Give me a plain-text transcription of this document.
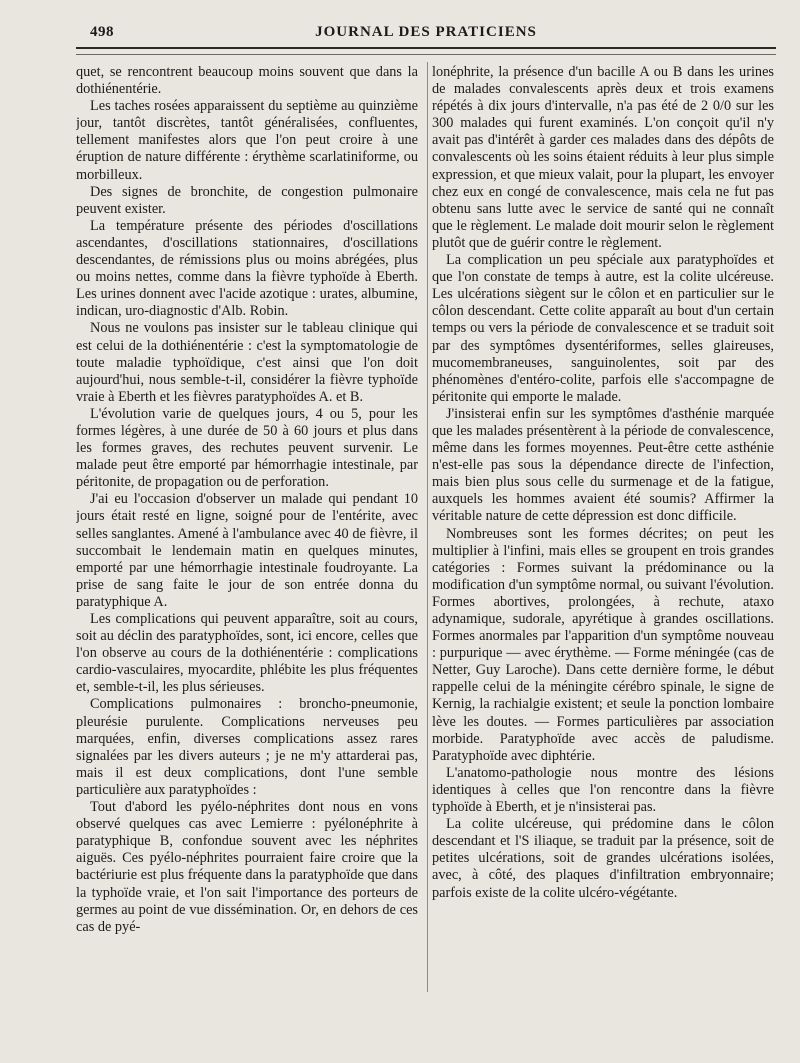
498	JOURNAL DES PRATICIENS

quet, se rencontrent beaucoup moins souvent que dans la dothiénentérie.

Les taches rosées apparaissent du septième au quinzième jour, tantôt discrètes, tantôt généralisées, confluentes, tellement manifestes alors que l'on peut croire à une éruption de nature différente : érythème scarlatiniforme, ou morbilleux.

Des signes de bronchite, de congestion pulmonaire peuvent exister.

La température présente des périodes d'oscillations ascendantes, d'oscillations stationnaires, d'oscillations descendantes, de rémissions plus ou moins abrégées, plus ou moins nettes, comme dans la fièvre typhoïde à Eberth. Les urines donnent avec l'acide azotique : urates, albumine, indican, uro-diagnostic d'Alb. Robin.

Nous ne voulons pas insister sur le tableau clinique qui est celui de la dothiénentérie : c'est la symptomatologie de toute maladie typhoïdique, c'est ainsi que l'on doit aujourd'hui, nous semble-t-il, considérer la fièvre typhoïde vraie à Eberth et les fièvres paratyphoïdes A. et B.

L'évolution varie de quelques jours, 4 ou 5, pour les formes légères, à une durée de 50 à 60 jours et plus dans les formes graves, des rechutes peuvent survenir. Le malade peut être emporté par hémorrhagie intestinale, par péritonite, de propagation ou de perforation.

J'ai eu l'occasion d'observer un malade qui pendant 10 jours était resté en ligne, soigné pour de l'entérite, avec selles sanglantes. Amené à l'ambulance avec 40 de fièvre, il succombait le lendemain matin en quelques minutes, emporté par une hémorrhagie intestinale foudroyante. La prise de sang faite le jour de son entrée donna du paratyphique A.

Les complications qui peuvent apparaître, soit au cours, soit au déclin des paratyphoïdes, sont, ici encore, celles que l'on observe au cours de la dothiénentérie : complications cardio-vasculaires, myocardite, phlébite les plus fréquentes et, semble-t-il, les plus sérieuses.

Complications pulmonaires : broncho-pneumonie, pleurésie purulente. Complications nerveuses peu marquées, enfin, diverses complications assez rares signalées par les divers auteurs ; je ne m'y attarderai pas, mais il est deux complications, dont l'une semble particulière aux paratyphoïdes :

Tout d'abord les pyélo-néphrites dont nous en vons observé quelques cas avec Lemierre : pyélonéphrite à paratyphique B, confondue souvent avec les néphrites aiguës. Ces pyélo-néphrites pourraient faire croire que la bactériurie est plus fréquente dans la paratyphoïde que dans la typhoïde vraie, et l'on sait l'importance des porteurs de germes au point de vue dissémination. Or, en dehors de ces cas de pyé-

lonéphrite, la présence d'un bacille A ou B dans les urines de malades convalescents après deux et trois examens répétés à dix jours d'intervalle, n'a pas été de 2 0/0 sur les 300 malades qui furent examinés. L'on conçoit qu'il n'y avait pas d'intérêt à garder ces malades dans des dépôts de convalescents où les soins étaient réduits à leur plus simple expression, et que mieux valait, pour la plupart, les envoyer chez eux en congé de convalescence, mais cela ne fut pas obtenu sans lutte avec le service de santé qui ne connaît que le règlement. Le malade doit mourir selon le règlement plutôt que de guérir contre le règlement.

La complication un peu spéciale aux paratyphoïdes et que l'on constate de temps à autre, est la colite ulcéreuse. Les ulcérations siègent sur le côlon et en particulier sur le côlon descendant. Cette colite apparaît au bout d'un certain temps ou vers la période de convalescence et se traduit soit par des symptômes dysentériformes, selles glaireuses, mucomembraneuses, sanguinolentes, soit par des phénomènes d'entéro-colite, parfois elle s'accompagne de péritonite qui emporte le malade.

J'insisterai enfin sur les symptômes d'asthénie marquée que les malades présentèrent à la période de convalescence, même dans les formes moyennes. Peut-être cette asthénie n'est-elle pas sous la dépendance directe de l'infection, mais bien plus sous celle du surmenage et de la fatigue, auxquels les hommes avaient été soumis? Affirmer la véritable nature de cette dépression est donc difficile.

Nombreuses sont les formes décrites; on peut les multiplier à l'infini, mais elles se groupent en trois grandes catégories : Formes suivant la prédominance ou la modification d'un symptôme normal, ou suivant l'évolution. Formes abortives, prolongées, à rechute, ataxo adynamique, sudorale, apyrétique à grandes oscillations. Formes anormales par l'apparition d'un symptôme nouveau : purpurique — avec érythème. — Forme méningée (cas de Netter, Guy Laroche). Dans cette dernière forme, le début rappelle celui de la méningite cérébro spinale, le signe de Kernig, la rachialgie existent; et seule la ponction lombaire lève les doutes. — Formes particulières par association morbide. Paratyphoïde avec accès de paludisme. Paratyphoïde avec diphtérie.

L'anatomo-pathologie nous montre des lésions identiques à celles que l'on rencontre dans la fièvre typhoïde à Eberth, et je n'insisterai pas.

La colite ulcéreuse, qui prédomine dans le côlon descendant et l'S iliaque, se traduit par la présence, soit de petites ulcérations, soit de grandes ulcérations isolées, avec, à côté, des plaques d'infiltration embryonnaire; parfois existe de la colite ulcéro-végétante.
